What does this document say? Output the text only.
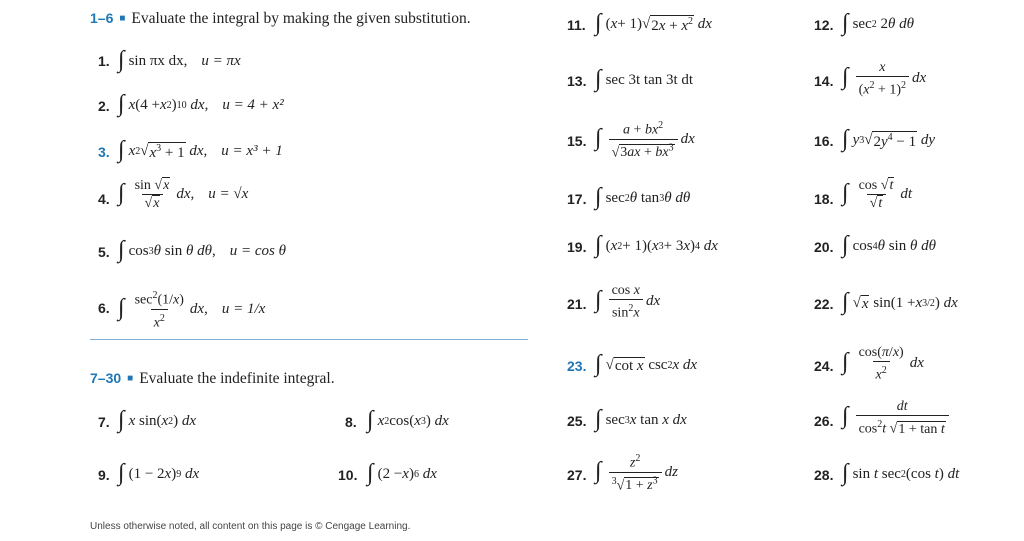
1–6 ■ Evaluate the integral by making the given substitution.
7–30 ■ Evaluate the indefinite integral.
1. ∫ sin πx dx, u = πx
2. ∫ x (4 + x 2 ) 10
dx , u = 4 + x²
3. ∫ x 2 √ $x^3 + 1$
dx , u = x³ + 1
4. ∫ $\frac{\sin √x}{√x}$ dx , u = √x
5. ∫ cos 3 θ sin θ
dθ , u = cos θ
6. ∫ $\frac{\sec^2(1/x)}{x^2}$ dx , u = 1/x
7. ∫ x sin( x 2 ) dx	8. ∫ x 2 cos( x 3 ) dx
9. ∫ (1 − 2 x ) 9
dx	10. ∫ (2 − x ) 6
dx
11. ∫ ( x + 1) √ $2x + x^2$
dx
13. ∫ sec 3t tan 3t dt
15. ∫ $\frac{a + bx^2}{√3ax + bx^3}$ dx
17. ∫ sec 2 θ tan 3 θ
dθ
19. ∫ ( x 2 + 1)( x 3 + 3 x ) 4
dx
21. ∫ $\frac{\text{cos x}}{\sin^2x}$ dx
23. ∫ √ cot x csc 2 x
dx
25. ∫ sec 3 x tan x
dx
27. ∫ $\frac{z^2}{^3√1 + z^3}$ dz
12. ∫ sec 2 2 θ
dθ
14. ∫ $\frac{x}{(x^2 + 1)^2}$ dx
16. ∫ y 3 √ $2y^4 - 1$
dy
18. ∫ $\frac{\cos √t}{√t}$ dt
20. ∫ cos 4 θ sin θ
dθ
22. ∫ √ x sin(1 + x 3/2 ) dx
24. ∫ $\frac{\cos(\pi/x)}{x^2}$ dx
26. ∫ $\frac{dt}{\cos^2t √1 + \tan t}$
28. ∫ sin t sec 2 (cos t ) dt
Unless otherwise noted, all content on this page is © Cengage Learning.
